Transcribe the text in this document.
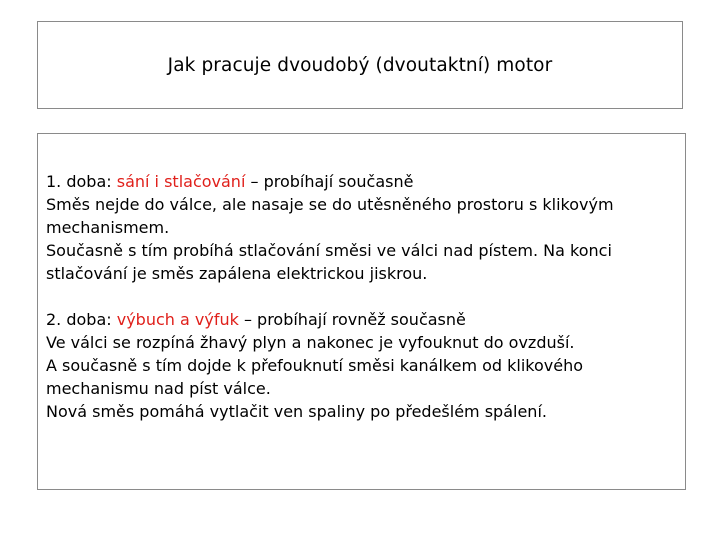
Jak pracuje dvoudobý (dvoutaktní) motor
1. doba: sání i stlačování – probíhají současně
Směs nejde do válce, ale nasaje se do utěsněného prostoru s klikovým mechanismem.
Současně s tím probíhá stlačování směsi ve válci nad pístem. Na konci stlačování je směs zapálena elektrickou jiskrou.
2. doba: výbuch a výfuk – probíhají rovněž současně
Ve válci se rozpíná žhavý plyn a nakonec je vyfouknut do ovzduší.
A současně s tím dojde k přefouknutí směsi kanálkem od klikového mechanismu nad píst válce.
Nová směs pomáhá vytlačit ven spaliny po předešlém spálení.
